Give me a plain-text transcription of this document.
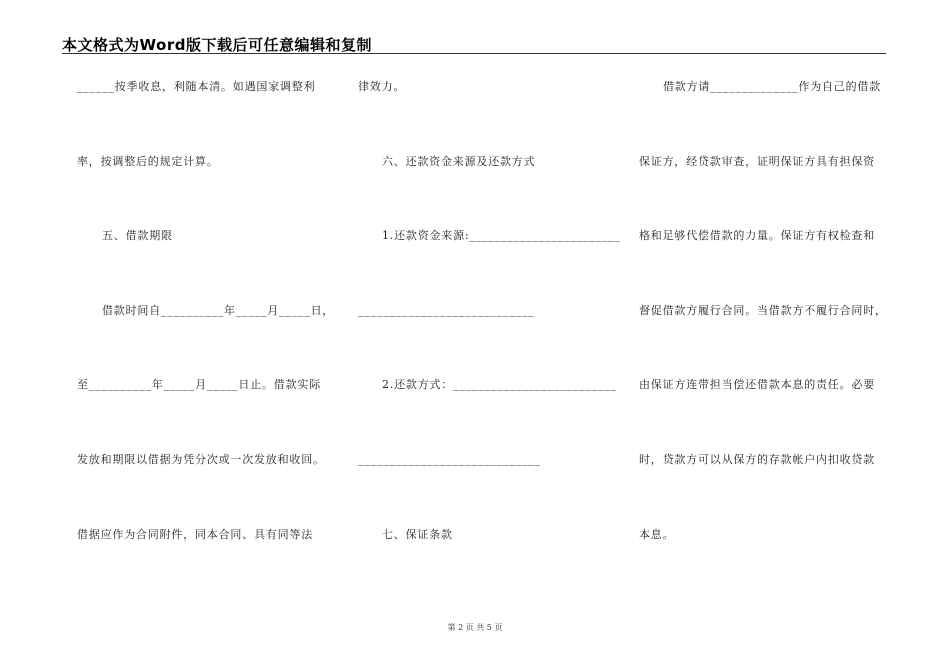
本文格式为Word版下载后可任意编辑和复制
______按季收息，利随本清。如遇国家调整利
率，按调整后的规定计算。
五、借款期限
借款时间自__________年_____月_____日，
至__________年_____月_____日止。借款实际
发放和期限以借据为凭分次或一次发放和收回。
借据应作为合同附件，同本合同、具有同等法
律效力。
六、还款资金来源及还款方式
1.还款资金来源:________________________
____________________________
2.还款方式：__________________________
_____________________________
七、保证条款
借款方请______________作为自己的借款
保证方，经贷款审查，证明保证方具有担保资
格和足够代偿借款的力量。保证方有权检查和
督促借款方履行合同。当借款方不履行合同时，
由保证方连带担当偿还借款本息的责任。必要
时，贷款方可以从保方的存款帐户内扣收贷款
本息。
第 2 页 共 5 页
